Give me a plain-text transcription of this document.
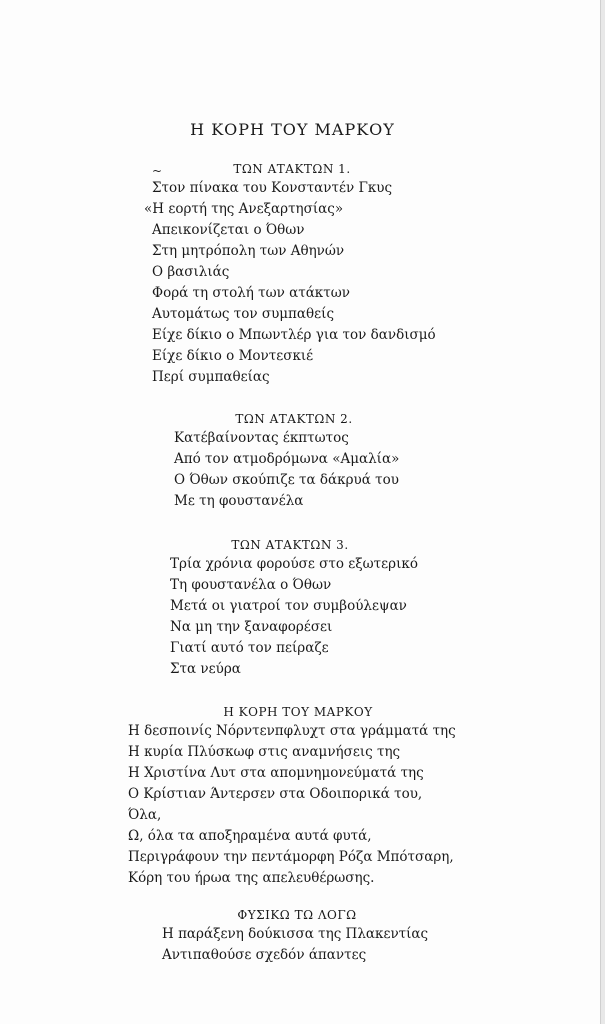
Η ΚΟΡΗ ΤΟΥ ΜΑΡΚΟΥ
~	ΤΩΝ ΑΤΑΚΤΩΝ 1.
Στον πίνακα του Κονσταντέν Γκυς
«Η εορτή της Ανεξαρτησίας»
Απεικονίζεται ο Όθων
Στη μητρόπολη των Αθηνών
Ο βασιλιάς
Φορά τη στολή των ατάκτων
Αυτομάτως τον συμπαθείς
Είχε δίκιο ο Μπωντλέρ για τον δανδισμό
Είχε δίκιο ο Μοντεσκιέ
Περί συμπαθείας
ΤΩΝ ΑΤΑΚΤΩΝ 2.
Κατέβαίνοντας έκπτωτος
Από τον ατμοδρόμωνα «Αμαλία»
Ο Όθων σκούπιζε τα δάκρυά του
Με τη φουστανέλα
ΤΩΝ ΑΤΑΚΤΩΝ 3.
Τρία χρόνια φορούσε στο εξωτερικό
Τη φουστανέλα ο Όθων
Μετά οι γιατροί τον συμβούλεψαν
Να μη την ξαναφορέσει
Γιατί αυτό τον πείραζε
Στα νεύρα
Η ΚΟΡΗ ΤΟΥ ΜΑΡΚΟΥ
Η δεσποινίς Νόρντενπφλυχτ στα γράμματά της
Η κυρία Πλύσκωφ στις αναμνήσεις της
Η Χριστίνα Λυτ στα απομνημονεύματά της
Ο Κρίστιαν Άντερσεν στα Οδοιπορικά του,
Όλα,
Ω, όλα τα αποξηραμένα αυτά φυτά,
Περιγράφουν την πεντάμορφη Ρόζα Μπότσαρη,
Κόρη του ήρωα της απελευθέρωσης.
ΦΥΣΙΚΩ ΤΩ ΛΟΓΩ
Η παράξενη δούκισσα της Πλακεντίας
Αντιπαθούσε σχεδόν άπαντες
